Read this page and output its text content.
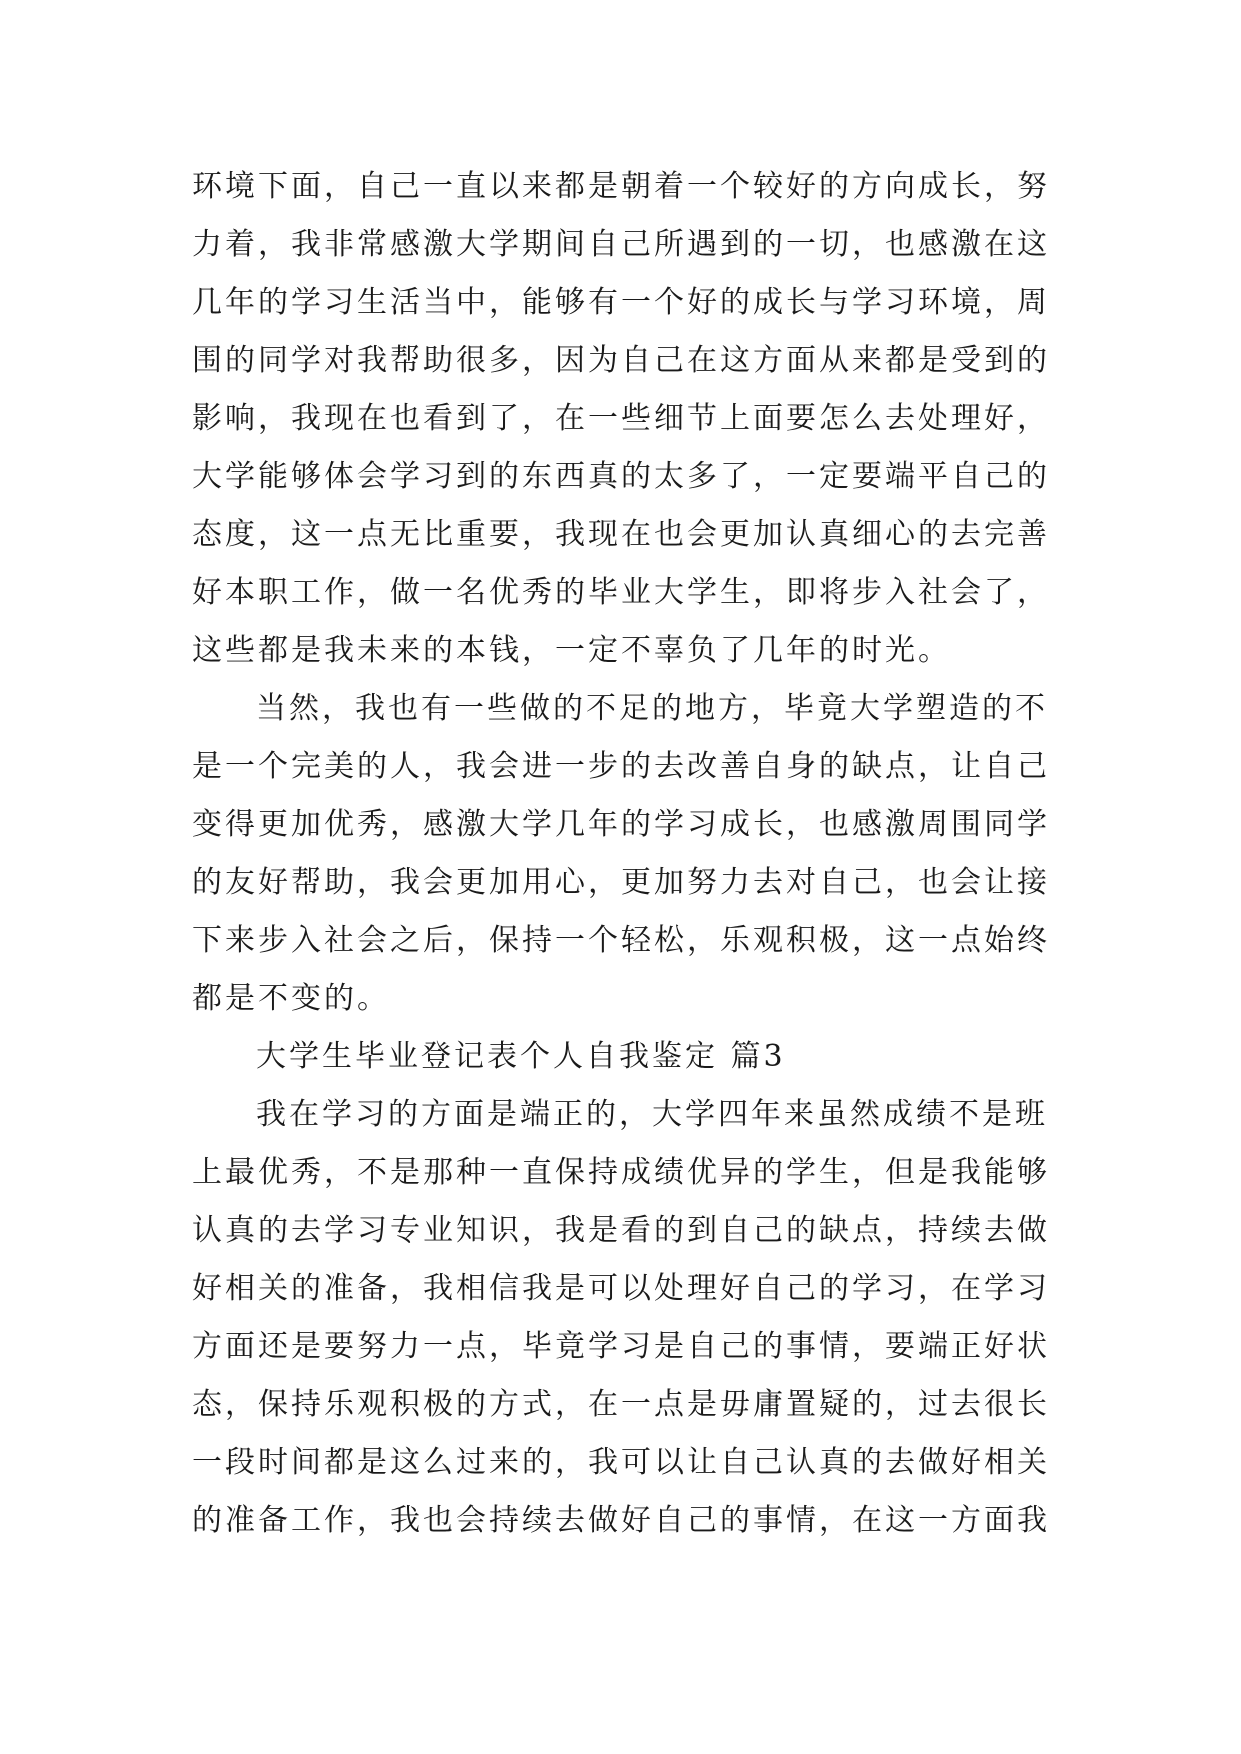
环境下面，自己一直以来都是朝着一个较好的方向成长，努
力着，我非常感激大学期间自己所遇到的一切，也感激在这
几年的学习生活当中，能够有一个好的成长与学习环境，周
围的同学对我帮助很多，因为自己在这方面从来都是受到的
影响，我现在也看到了，在一些细节上面要怎么去处理好，
大学能够体会学习到的东西真的太多了，一定要端平自己的
态度，这一点无比重要，我现在也会更加认真细心的去完善
好本职工作，做一名优秀的毕业大学生，即将步入社会了，
这些都是我未来的本钱，一定不辜负了几年的时光。
当然，我也有一些做的不足的地方，毕竟大学塑造的不
是一个完美的人，我会进一步的去改善自身的缺点，让自己
变得更加优秀，感激大学几年的学习成长，也感激周围同学
的友好帮助，我会更加用心，更加努力去对自己，也会让接
下来步入社会之后，保持一个轻松，乐观积极，这一点始终
都是不变的。
大学生毕业登记表个人自我鉴定 篇3
我在学习的方面是端正的，大学四年来虽然成绩不是班
上最优秀，不是那种一直保持成绩优异的学生，但是我能够
认真的去学习专业知识，我是看的到自己的缺点，持续去做
好相关的准备，我相信我是可以处理好自己的学习，在学习
方面还是要努力一点，毕竟学习是自己的事情，要端正好状
态，保持乐观积极的方式，在一点是毋庸置疑的，过去很长
一段时间都是这么过来的，我可以让自己认真的去做好相关
的准备工作，我也会持续去做好自己的事情，在这一方面我
